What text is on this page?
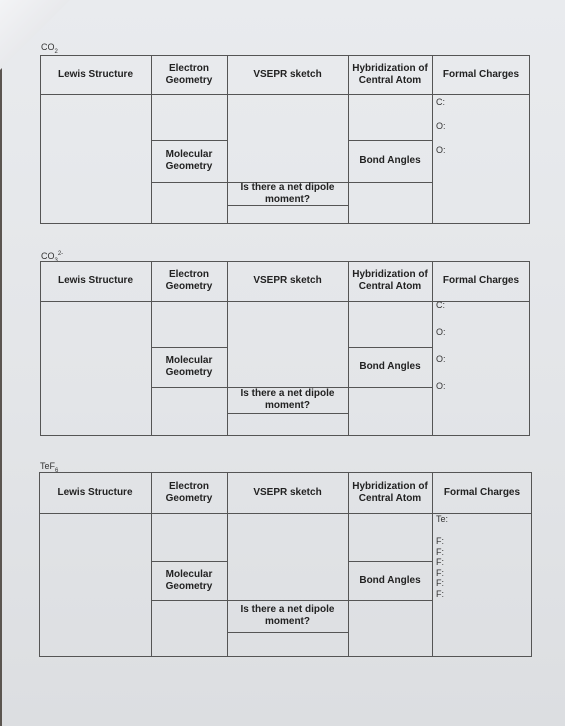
$CO_2$
Lewis Structure
Electron Geometry
VSEPR sketch
Hybridization of Central Atom
Formal Charges
Molecular Geometry
Bond Angles
Is there a net dipole moment?
C:
O:
O:
$CO_3^{2-}$
Lewis Structure
Electron Geometry
VSEPR sketch
Hybridization of Central Atom
Formal Charges
Molecular Geometry
Bond Angles
Is there a net dipole moment?
C:
O:
O:
O:
TeF$_6$
Lewis Structure
Electron Geometry
VSEPR sketch
Hybridization of Central Atom
Formal Charges
Molecular Geometry
Bond Angles
Is there a net dipole moment?
Te:
F:
F:
F:
F:
F:
F:
